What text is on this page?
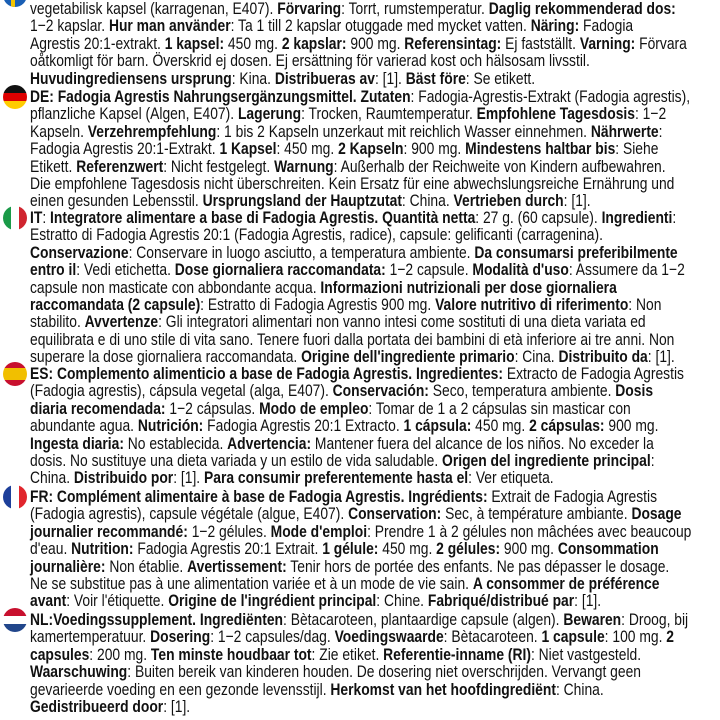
vegetabilisk kapsel (karragenan, E407). Förvaring: Torrt, rumstemperatur. Daglig rekommenderad dos:
1−2 kapslar. Hur man använder: Ta 1 till 2 kapslar otuggade med mycket vatten. Näring: Fadogia
Agrestis 20:1-extrakt. 1 kapsel: 450 mg. 2 kapslar: 900 mg. Referensintag: Ej fastställt. Varning: Förvara
oåtkomligt för barn. Överskrid ej dosen. Ej ersättning för varierad kost och hälsosam livsstil.
Huvudingrediensens ursprung: Kina. Distribueras av: [1]. Bäst före: Se etikett.
DE: Fadogia Agrestis Nahrungsergänzungsmittel. Zutaten: Fadogia-Agrestis-Extrakt (Fadogia agrestis),
pflanzliche Kapsel (Algen, E407). Lagerung: Trocken, Raumtemperatur. Empfohlene Tagesdosis: 1−2
Kapseln. Verzehrempfehlung: 1 bis 2 Kapseln unzerkaut mit reichlich Wasser einnehmen. Nährwerte:
Fadogia Agrestis 20:1-Extrakt. 1 Kapsel: 450 mg. 2 Kapseln: 900 mg. Mindestens haltbar bis: Siehe
Etikett. Referenzwert: Nicht festgelegt. Warnung: Außerhalb der Reichweite von Kindern aufbewahren.
Die empfohlene Tagesdosis nicht überschreiten. Kein Ersatz für eine abwechslungsreiche Ernährung und
einen gesunden Lebensstil. Ursprungsland der Hauptzutat: China. Vertrieben durch: [1].
IT: Integratore alimentare a base di Fadogia Agrestis. Quantità netta: 27 g. (60 capsule). Ingredienti:
Estratto di Fadogia Agrestis 20:1 (Fadogia Agrestis, radice), capsule: gelificanti (carragenina).
Conservazione: Conservare in luogo asciutto, a temperatura ambiente. Da consumarsi preferibilmente
entro il: Vedi etichetta. Dose giornaliera raccomandata: 1−2 capsule. Modalità d'uso: Assumere da 1−2
capsule non masticate con abbondante acqua. Informazioni nutrizionali per dose giornaliera
raccomandata (2 capsule): Estratto di Fadogia Agrestis 900 mg. Valore nutritivo di riferimento: Non
stabilito. Avvertenze: Gli integratori alimentari non vanno intesi come sostituti di una dieta variata ed
equilibrata e di uno stile di vita sano. Tenere fuori dalla portata dei bambini di età inferiore ai tre anni. Non
superare la dose giornaliera raccomandata. Origine dell'ingrediente primario: Cina. Distribuito da: [1].
ES: Complemento alimenticio a base de Fadogia Agrestis. Ingredientes: Extracto de Fadogia Agrestis
(Fadogia agrestis), cápsula vegetal (alga, E407). Conservación: Seco, temperatura ambiente. Dosis
diaria recomendada: 1−2 cápsulas. Modo de empleo: Tomar de 1 a 2 cápsulas sin masticar con
abundante agua. Nutrición: Fadogia Agrestis 20:1 Extracto. 1 cápsula: 450 mg. 2 cápsulas: 900 mg.
Ingesta diaria: No establecida. Advertencia: Mantener fuera del alcance de los niños. No exceder la
dosis. No sustituye una dieta variada y un estilo de vida saludable. Origen del ingrediente principal:
China. Distribuido por: [1]. Para consumir preferentemente hasta el: Ver etiqueta.
FR: Complément alimentaire à base de Fadogia Agrestis. Ingrédients: Extrait de Fadogia Agrestis
(Fadogia agrestis), capsule végétale (algue, E407). Conservation: Sec, à température ambiante. Dosage
journalier recommandé: 1−2 gélules. Mode d'emploi: Prendre 1 à 2 gélules non mâchées avec beaucoup
d'eau. Nutrition: Fadogia Agrestis 20:1 Extrait. 1 gélule: 450 mg. 2 gélules: 900 mg. Consommation
journalière: Non établie. Avertissement: Tenir hors de portée des enfants. Ne pas dépasser le dosage.
Ne se substitue pas à une alimentation variée et à un mode de vie sain. A consommer de préférence
avant: Voir l'étiquette. Origine de l'ingrédient principal: Chine. Fabriqué/distribué par: [1].
NL:Voedingssupplement. Ingrediënten: Bètacaroteen, plantaardige capsule (algen). Bewaren: Droog, bij
kamertemperatuur. Dosering: 1−2 capsules/dag. Voedingswaarde: Bètacaroteen. 1 capsule: 100 mg. 2
capsules: 200 mg. Ten minste houdbaar tot: Zie etiket. Referentie-inname (RI): Niet vastgesteld.
Waarschuwing: Buiten bereik van kinderen houden. De dosering niet overschrijden. Vervangt geen
gevarieerde voeding en een gezonde levensstijl. Herkomst van het hoofdingrediënt: China.
Gedistribueerd door: [1].
